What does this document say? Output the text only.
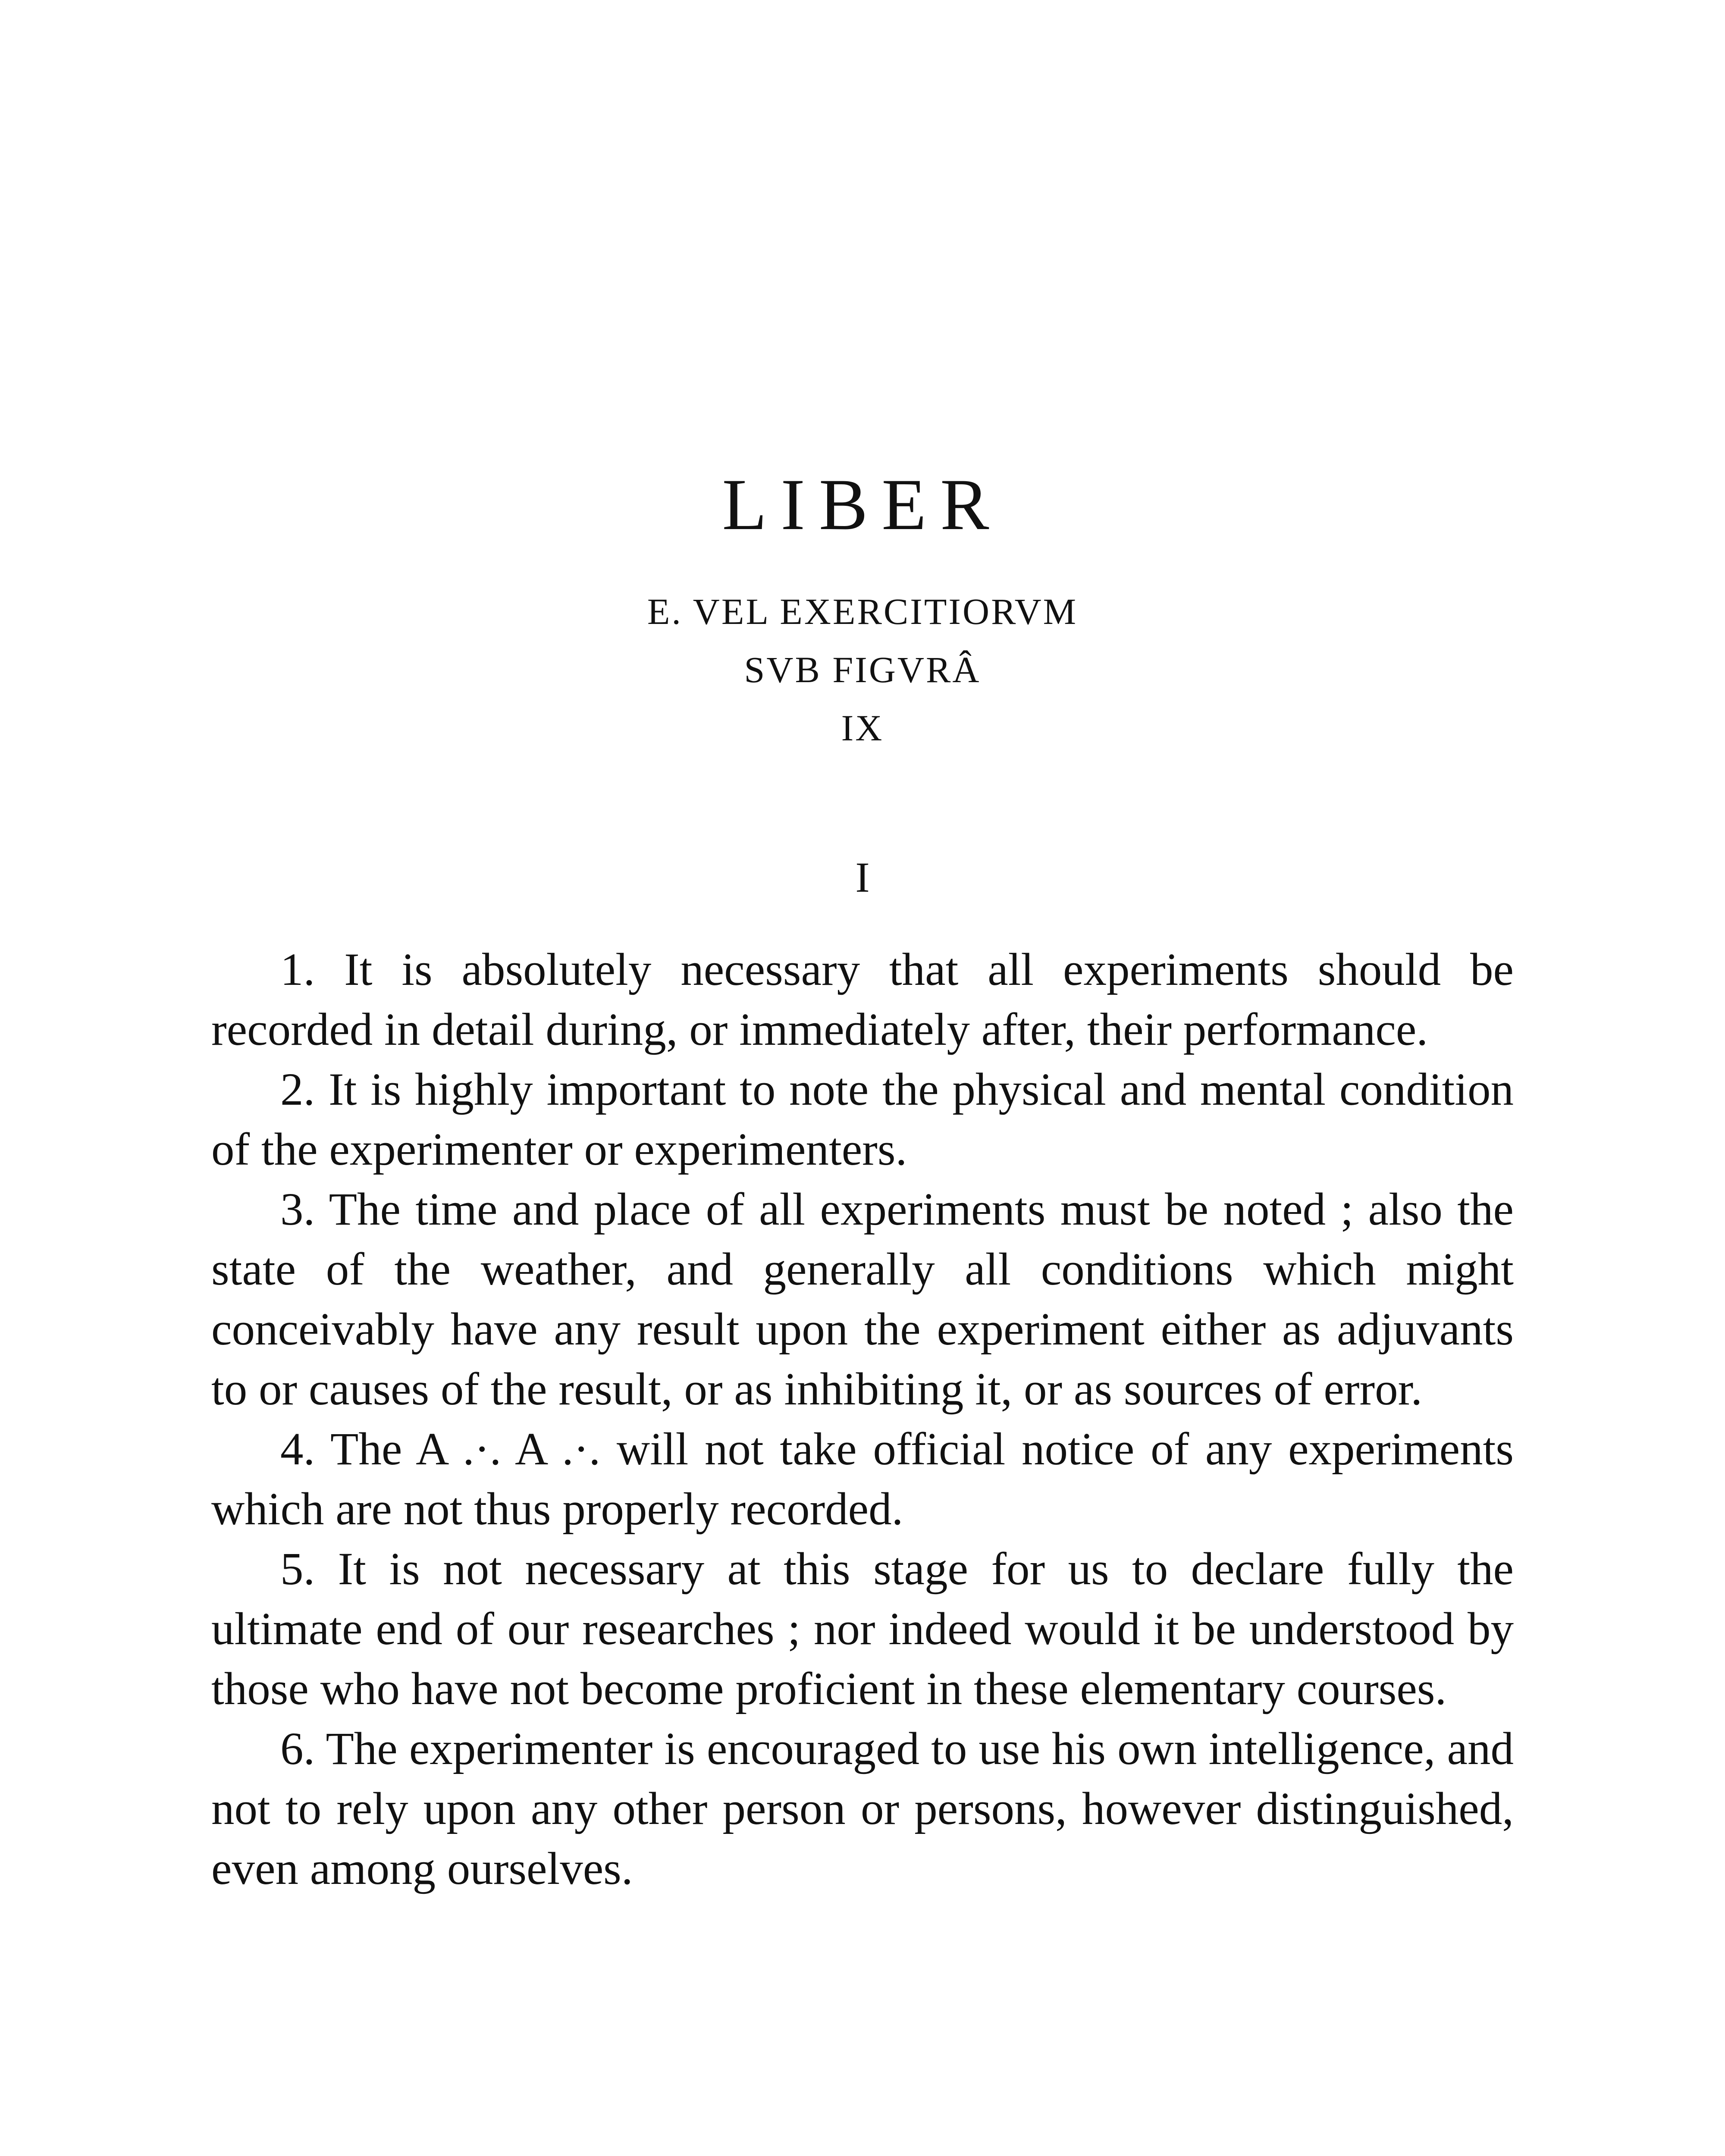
LIBER
E. VEL EXERCITIORVM
SVB FIGVRÂ
IX
I

1. It is absolutely necessary that all experiments should be recorded in detail during, or immediately after, their performance.

2. It is highly important to note the physical and mental condition of the experimenter or experimenters.

3. The time and place of all experiments must be noted ; also the state of the weather, and generally all conditions which might conceivably have any result upon the experiment either as adjuvants to or causes of the result, or as inhibiting it, or as sources of error.

4. The A .·. A .·. will not take official notice of any experiments which are not thus properly recorded.

5. It is not necessary at this stage for us to declare fully the ultimate end of our researches ; nor indeed would it be understood by those who have not become proficient in these elementary courses.

6. The experimenter is encouraged to use his own intelligence, and not to rely upon any other person or persons, however distinguished, even among ourselves.
